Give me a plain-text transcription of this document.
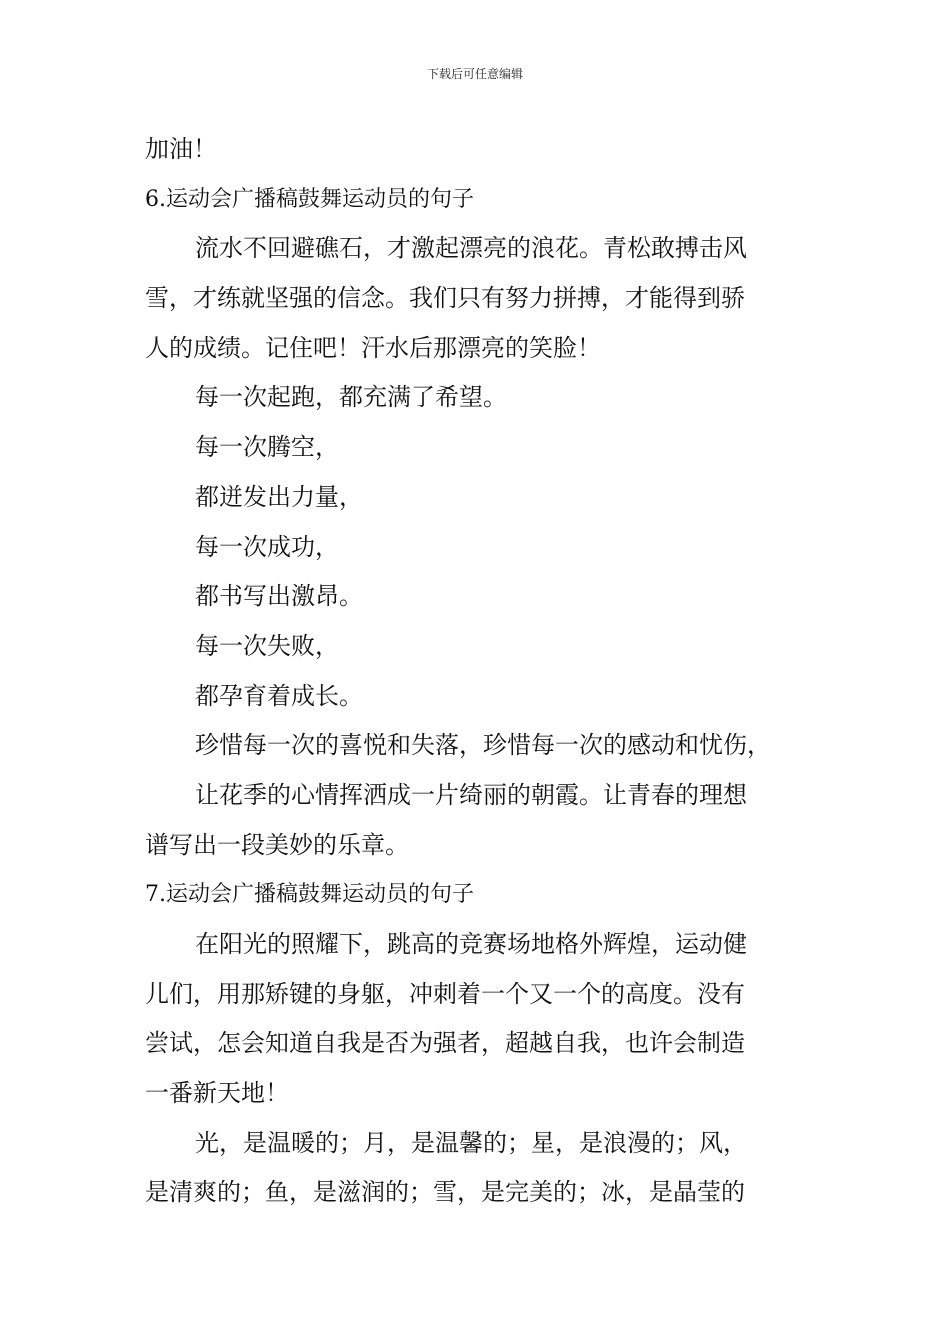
下载后可任意编辑
加油！
6.运动会广播稿鼓舞运动员的句子
流水不回避礁石，才激起漂亮的浪花。青松敢搏击风
雪，才练就坚强的信念。我们只有努力拼搏，才能得到骄
人的成绩。记住吧！汗水后那漂亮的笑脸！
每一次起跑，都充满了希望。
每一次腾空，
都迸发出力量，
每一次成功，
都书写出激昂。
每一次失败，
都孕育着成长。
珍惜每一次的喜悦和失落，珍惜每一次的感动和忧伤，
让花季的心情挥洒成一片绮丽的朝霞。让青春的理想
谱写出一段美妙的乐章。
7.运动会广播稿鼓舞运动员的句子
在阳光的照耀下，跳高的竞赛场地格外辉煌，运动健
儿们，用那矫键的身躯，冲刺着一个又一个的高度。没有
尝试，怎会知道自我是否为强者，超越自我，也许会制造
一番新天地！
光，是温暖的；月，是温馨的；星，是浪漫的；风，
是清爽的；鱼，是滋润的；雪，是完美的；冰，是晶莹的
